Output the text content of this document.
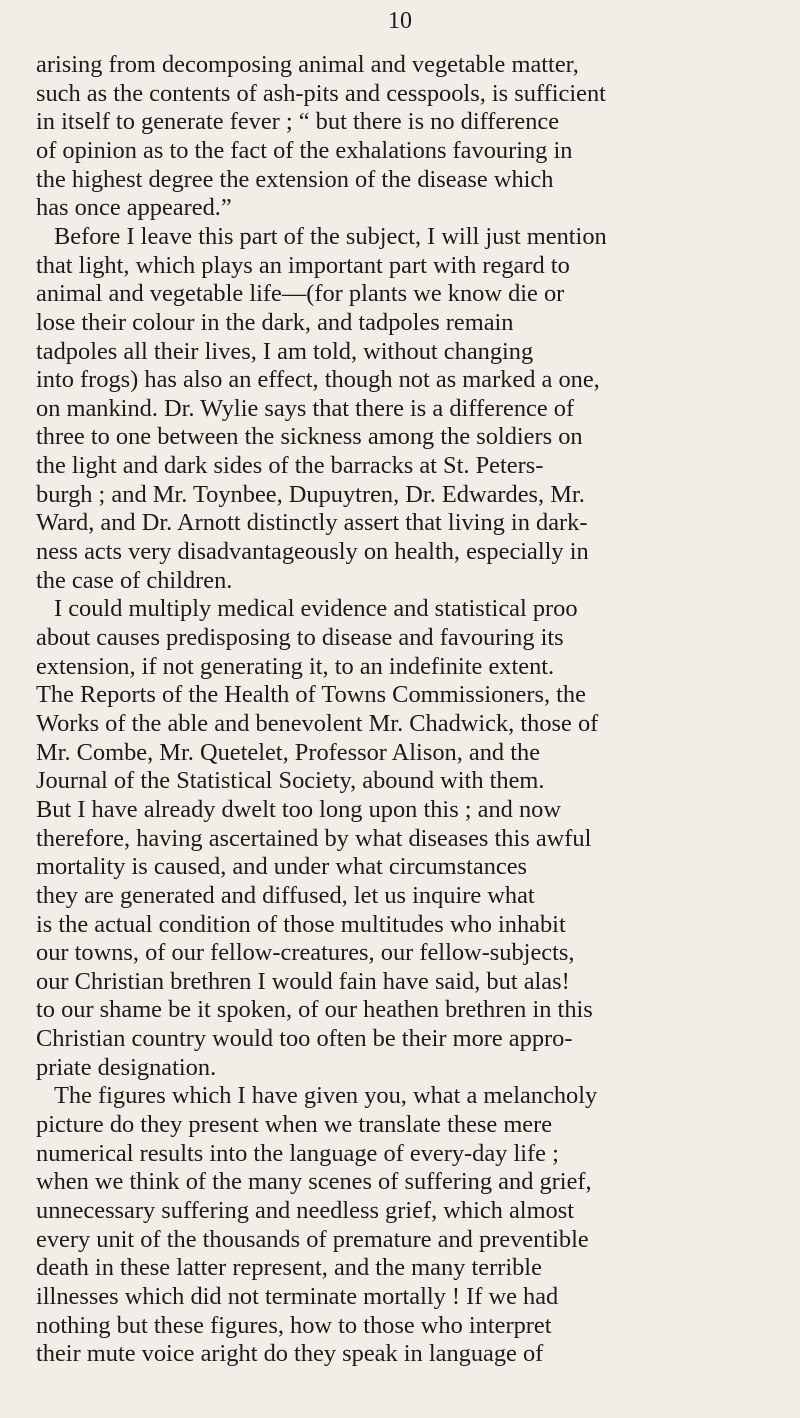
10
arising from decomposing animal and vegetable matter,
such as the contents of ash-pits and cesspools, is sufficient
in itself to generate fever ; “ but there is no difference
of opinion as to the fact of the exhalations favouring in
the highest degree the extension of the disease which
has once appeared.”
Before I leave this part of the subject, I will just mention
that light, which plays an important part with regard to
animal and vegetable life—(for plants we know die or
lose their colour in the dark, and tadpoles remain
tadpoles all their lives, I am told, without changing
into frogs) has also an effect, though not as marked a one,
on mankind. Dr. Wylie says that there is a difference of
three to one between the sickness among the soldiers on
the light and dark sides of the barracks at St. Peters-
burgh ; and Mr. Toynbee, Dupuytren, Dr. Edwardes, Mr.
Ward, and Dr. Arnott distinctly assert that living in dark-
ness acts very disadvantageously on health, especially in
the case of children.
I could multiply medical evidence and statistical proo
about causes predisposing to disease and favouring its
extension, if not generating it, to an indefinite extent.
The Reports of the Health of Towns Commissioners, the
Works of the able and benevolent Mr. Chadwick, those of
Mr. Combe, Mr. Quetelet, Professor Alison, and the
Journal of the Statistical Society, abound with them.
But I have already dwelt too long upon this ; and now
therefore, having ascertained by what diseases this awful
mortality is caused, and under what circumstances
they are generated and diffused, let us inquire what
is the actual condition of those multitudes who inhabit
our towns, of our fellow-creatures, our fellow-subjects,
our Christian brethren I would fain have said, but alas!
to our shame be it spoken, of our heathen brethren in this
Christian country would too often be their more appro-
priate designation.
The figures which I have given you, what a melancholy
picture do they present when we translate these mere
numerical results into the language of every-day life ;
when we think of the many scenes of suffering and grief,
unnecessary suffering and needless grief, which almost
every unit of the thousands of premature and preventible
death in these latter represent, and the many terrible
illnesses which did not terminate mortally ! If we had
nothing but these figures, how to those who interpret
their mute voice aright do they speak in language of
